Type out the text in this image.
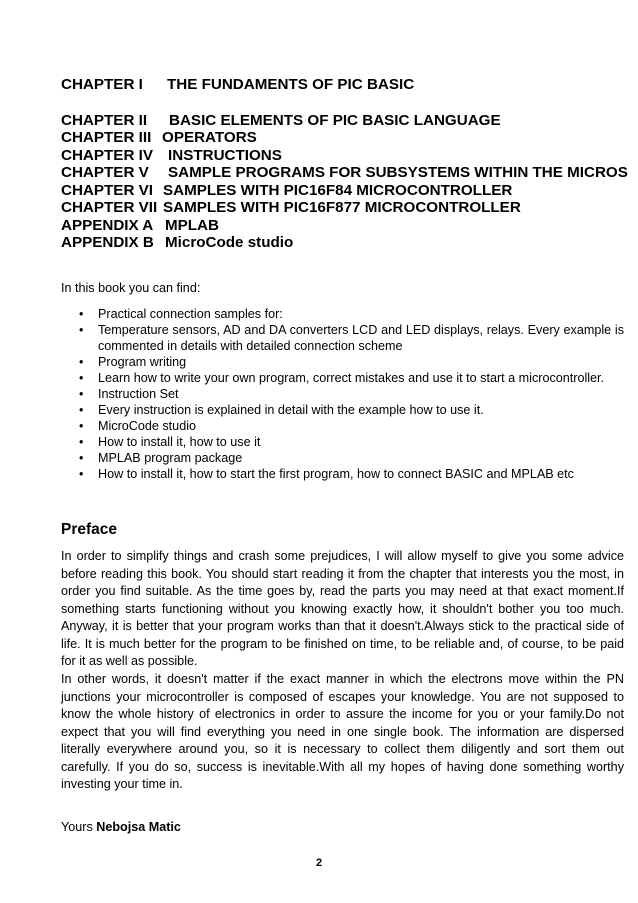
CHAPTER I	THE FUNDAMENTS OF PIC BASIC
CHAPTER II	BASIC ELEMENTS OF PIC BASIC LANGUAGE
CHAPTER III OPERATORS
CHAPTER IV INSTRUCTIONS
CHAPTER V	SAMPLE PROGRAMS FOR SUBSYSTEMS WITHIN THE MICROS
CHAPTER VI SAMPLES WITH PIC16F84 MICROCONTROLLER
CHAPTER VII SAMPLES WITH PIC16F877 MICROCONTROLLER
APPENDIX A MPLAB
APPENDIX B MicroCode studio
In this book you can find:
• Practical connection samples for:
• Temperature sensors, AD and DA converters LCD and LED displays, relays. Every example is commented in details with detailed connection scheme
• Program writing
• Learn how to write your own program, correct mistakes and use it to start a microcontroller.
• Instruction Set
• Every instruction is explained in detail with the example how to use it.
• MicroCode studio
• How to install it, how to use it
• MPLAB program package
• How to install it, how to start the first program, how to connect BASIC and MPLAB etc
Preface

In order to simplify things and crash some prejudices, I will allow myself to give you some advice before reading this book. You should start reading it from the chapter that interests you the most, in order you find suitable. As the time goes by, read the parts you may need at that exact moment.If something starts functioning without you knowing exactly how, it shouldn't bother you too much. Anyway, it is better that your program works than that it doesn't.Always stick to the practical side of life. It is much better for the program to be finished on time, to be reliable and, of course, to be paid for it as well as possible.

In other words, it doesn't matter if the exact manner in which the electrons move within the PN junctions your microcontroller is composed of escapes your knowledge. You are not supposed to know the whole history of electronics in order to assure the income for you or your family.Do not expect that you will find everything you need in one single book. The information are dispersed literally everywhere around you, so it is necessary to collect them diligently and sort them out carefully. If you do so, success is inevitable.With all my hopes of having done something worthy investing your time in.

Yours Nebojsa Matic
2
